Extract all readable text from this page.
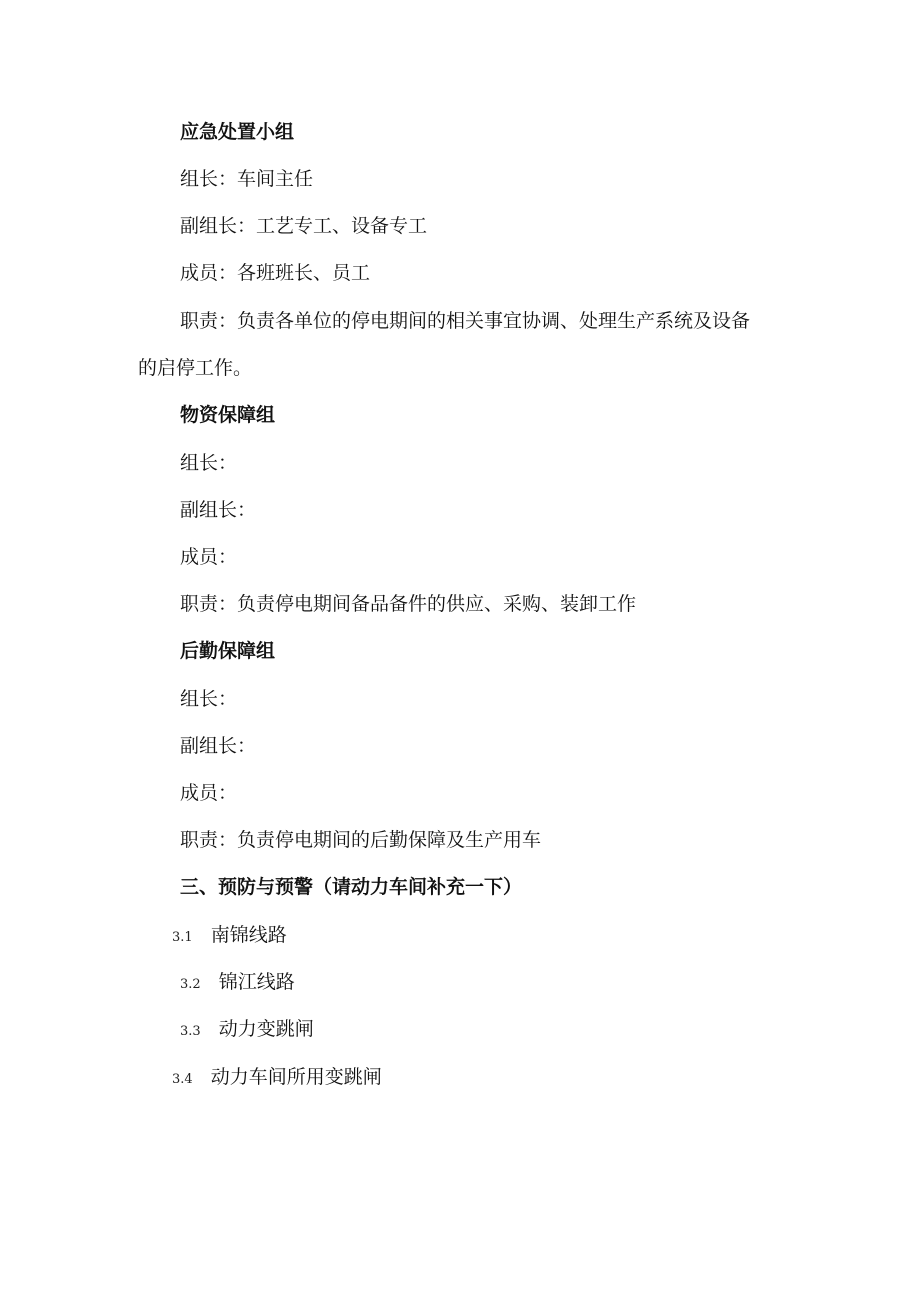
应急处置小组
组长：车间主任
副组长：工艺专工、设备专工
成员：各班班长、员工
职责：负责各单位的停电期间的相关事宜协调、处理生产系统及设备
的启停工作。
物资保障组
组长：
副组长：
成员：
职责：负责停电期间备品备件的供应、采购、装卸工作
后勤保障组
组长：
副组长：
成员：
职责：负责停电期间的后勤保障及生产用车
三、预防与预警（请动力车间补充一下）
3.1 南锦线路
3.2 锦江线路
3.3 动力变跳闸
3.4 动力车间所用变跳闸
